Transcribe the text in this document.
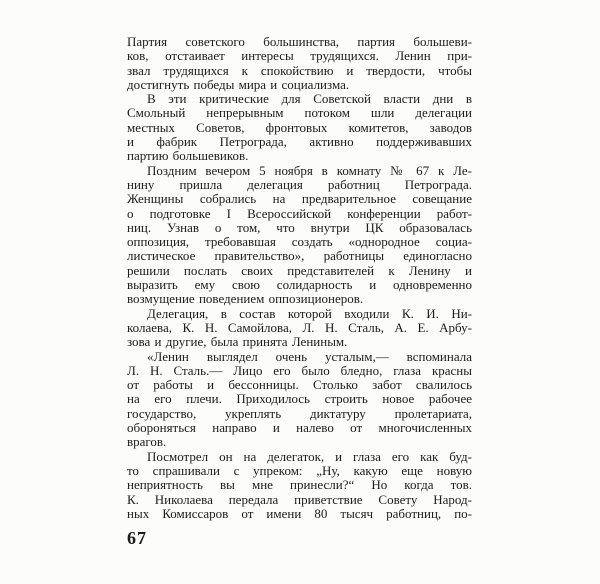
Партия советского большинства, партия большеви-
ков, отстаивает интересы трудящихся. Ленин при-
звал трудящихся к спокойствию и твердости, чтобы
достигнуть победы мира и социализма.
В эти критические для Советской власти дни в
Смольный непрерывным потоком шли делегации
местных Советов, фронтовых комитетов, заводов
и фабрик Петрограда, активно поддерживавших
партию большевиков.
Поздним вечером 5 ноября в комнату № 67 к Ле-
нину пришла делегация работниц Петрограда.
Женщины собрались на предварительное совещание
о подготовке I Всероссийской конференции работ-
ниц. Узнав о том, что внутри ЦК образовалась
оппозиция, требовавшая создать «однородное социа-
листическое правительство», работницы единогласно
решили послать своих представителей к Ленину и
выразить ему свою солидарность и одновременно
возмущение поведением оппозиционеров.
Делегация, в состав которой входили К. И. Ни-
колаева, К. Н. Самойлова, Л. Н. Сталь, А. Е. Арбу-
зова и другие, была принята Лениным.
«Ленин выглядел очень усталым,— вспоминала
Л. Н. Сталь.— Лицо его было бледно, глаза красны
от работы и бессонницы. Столько забот свалилось
на его плечи. Приходилось строить новое рабочее
государство, укреплять диктатуру пролетариата,
обороняться направо и налево от многочисленных
врагов.
Посмотрел он на делегаток, и глаза его как буд-
то спрашивали с упреком: „Ну, какую еще новую
неприятность вы мне принесли?“ Но когда тов.
К. Николаева передала приветствие Совету Народ-
ных Комиссаров от имени 80 тысяч работниц, по-
67
